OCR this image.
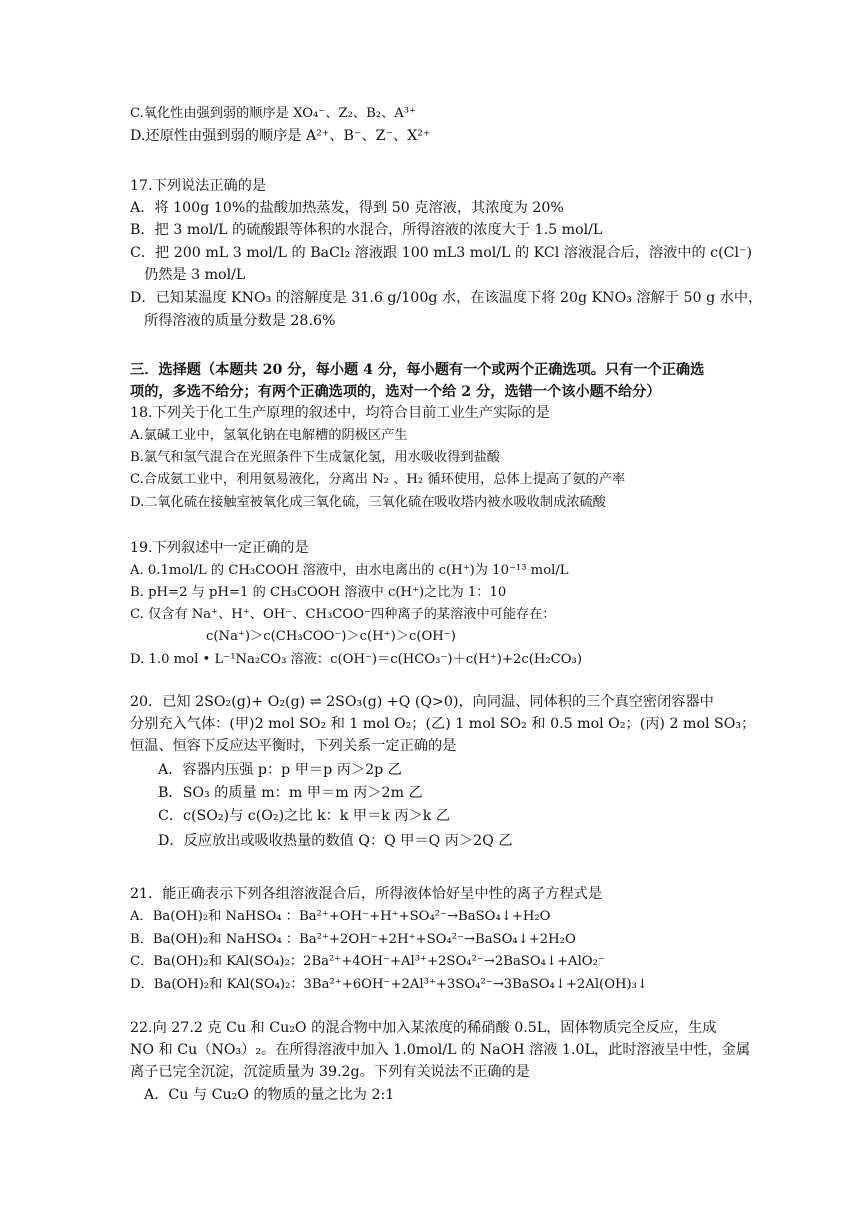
C.氧化性由强到弱的顺序是 XO₄⁻、Z₂、B₂、A³⁺
D.还原性由强到弱的顺序是 A²⁺、B⁻、Z⁻、X²⁺
17.下列说法正确的是
A．将 100g 10%的盐酸加热蒸发，得到 50 克溶液，其浓度为 20%
B．把 3 mol/L 的硫酸跟等体积的水混合，所得溶液的浓度大于 1.5 mol/L
C．把 200 mL 3 mol/L 的 BaCl₂ 溶液跟 100 mL3 mol/L 的 KCl 溶液混合后，溶液中的 c(Cl⁻)
仍然是 3 mol/L
D．已知某温度 KNO₃ 的溶解度是 31.6 g/100g 水，在该温度下将 20g KNO₃ 溶解于 50 g 水中，
所得溶液的质量分数是 28.6%
三．选择题（本题共 20 分，每小题 4 分，每小题有一个或两个正确选项。只有一个正确选
项的，多选不给分；有两个正确选项的，选对一个给 2 分，选错一个该小题不给分）
18.下列关于化工生产原理的叙述中，均符合目前工业生产实际的是
A.氯碱工业中，氢氧化钠在电解槽的阴极区产生
B.氯气和氢气混合在光照条件下生成氯化氢，用水吸收得到盐酸
C.合成氨工业中，利用氨易液化，分离出 N₂ 、H₂ 循环使用，总体上提高了氨的产率
D.二氧化硫在接触室被氧化成三氧化硫，三氧化硫在吸收塔内被水吸收制成浓硫酸
19.下列叙述中一定正确的是
A. 0.1mol/L 的 CH₃COOH 溶液中，由水电离出的 c(H⁺)为 10⁻¹³ mol/L
B. pH=2 与 pH=1 的 CH₃COOH 溶液中 c(H⁺)之比为 1：10
C. 仅含有 Na⁺、H⁺、OH⁻、CH₃COO⁻四种离子的某溶液中可能存在：
c(Na⁺)＞c(CH₃COO⁻)＞c(H⁺)＞c(OH⁻)
D. 1.0 mol • L⁻¹Na₂CO₃ 溶液：c(OH⁻)＝c(HCO₃⁻)＋c(H⁺)+2c(H₂CO₃)
20．已知 2SO₂(g)+ O₂(g) ⇌ 2SO₃(g) +Q (Q>0)，向同温、同体积的三个真空密闭容器中
分别充入气体：(甲)2 mol SO₂ 和 1 mol O₂；(乙) 1 mol SO₂ 和 0.5 mol O₂；(丙) 2 mol SO₃；
恒温、恒容下反应达平衡时，下列关系一定正确的是
A．容器内压强 p：p 甲＝p 丙＞2p 乙
B．SO₃ 的质量 m：m 甲＝m 丙＞2m 乙
C．c(SO₂)与 c(O₂)之比 k：k 甲＝k 丙＞k 乙
D．反应放出或吸收热量的数值 Q：Q 甲＝Q 丙＞2Q 乙
21．能正确表示下列各组溶液混合后，所得液体恰好呈中性的离子方程式是
A．Ba(OH)₂和 NaHSO₄ ：Ba²⁺+OH⁻+H⁺+SO₄²⁻→BaSO₄↓+H₂O
B．Ba(OH)₂和 NaHSO₄ ：Ba²⁺+2OH⁻+2H⁺+SO₄²⁻→BaSO₄↓+2H₂O
C．Ba(OH)₂和 KAl(SO₄)₂：2Ba²⁺+4OH⁻+Al³⁺+2SO₄²⁻→2BaSO₄↓+AlO₂⁻
D．Ba(OH)₂和 KAl(SO₄)₂：3Ba²⁺+6OH⁻+2Al³⁺+3SO₄²⁻→3BaSO₄↓+2Al(OH)₃↓
22.向 27.2 克 Cu 和 Cu₂O 的混合物中加入某浓度的稀硝酸 0.5L，固体物质完全反应，生成
NO 和 Cu（NO₃）₂。在所得溶液中加入 1.0mol/L 的 NaOH 溶液 1.0L，此时溶液呈中性，金属
离子已完全沉淀，沉淀质量为 39.2g。下列有关说法不正确的是
A．Cu 与 Cu₂O 的物质的量之比为 2:1
